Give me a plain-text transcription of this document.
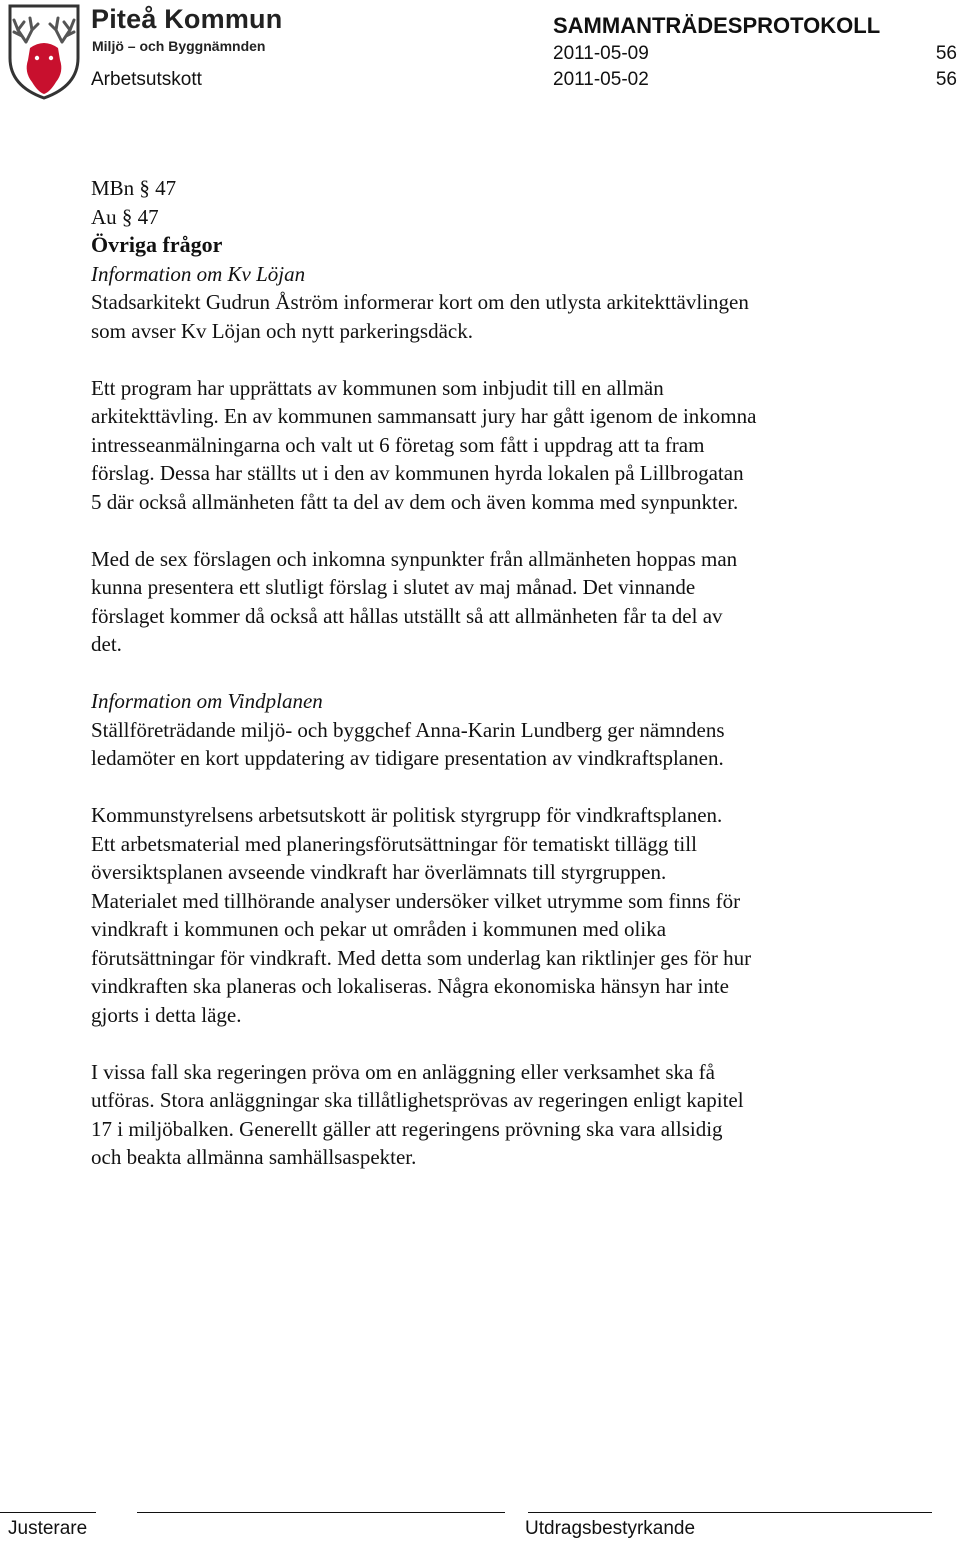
Piteå Kommun
Miljö – och Byggnämnden
SAMMANTRÄDESPROTOKOLL
2011-05-09	56
Arbetsutskott	2011-05-02	56

MBn § 47

Au § 47

Övriga frågor

Information om Kv Löjan

Stadsarkitekt Gudrun Åström informerar kort om den utlysta arkitekttävlingen

som avser Kv Löjan och nytt parkeringsdäck.

Ett program har upprättats av kommunen som inbjudit till en allmän

arkitekttävling. En av kommunen sammansatt jury har gått igenom de inkomna

intresseanmälningarna och valt ut 6 företag som fått i uppdrag att ta fram

förslag. Dessa har ställts ut i den av kommunen hyrda lokalen på Lillbrogatan

5 där också allmänheten fått ta del av dem och även komma med synpunkter.

Med de sex förslagen och inkomna synpunkter från allmänheten hoppas man

kunna presentera ett slutligt förslag i slutet av maj månad. Det vinnande

förslaget kommer då också att hållas utställt så att allmänheten får ta del av

det.

Information om Vindplanen

Ställföreträdande miljö- och byggchef Anna-Karin Lundberg ger nämndens

ledamöter en kort uppdatering av tidigare presentation av vindkraftsplanen.

Kommunstyrelsens arbetsutskott är politisk styrgrupp för vindkraftsplanen.

Ett arbetsmaterial med planeringsförutsättningar för tematiskt tillägg till

översiktsplanen avseende vindkraft har överlämnats till styrgruppen.

Materialet med tillhörande analyser undersöker vilket utrymme som finns för

vindkraft i kommunen och pekar ut områden i kommunen med olika

förutsättningar för vindkraft. Med detta som underlag kan riktlinjer ges för hur

vindkraften ska planeras och lokaliseras. Några ekonomiska hänsyn har inte

gjorts i detta läge.

I vissa fall ska regeringen pröva om en anläggning eller verksamhet ska få

utföras. Stora anläggningar ska tillåtlighetsprövas av regeringen enligt kapitel

17 i miljöbalken. Generellt gäller att regeringens prövning ska vara allsidig

och beakta allmänna samhällsaspekter.

Justerare	Utdragsbestyrkande
